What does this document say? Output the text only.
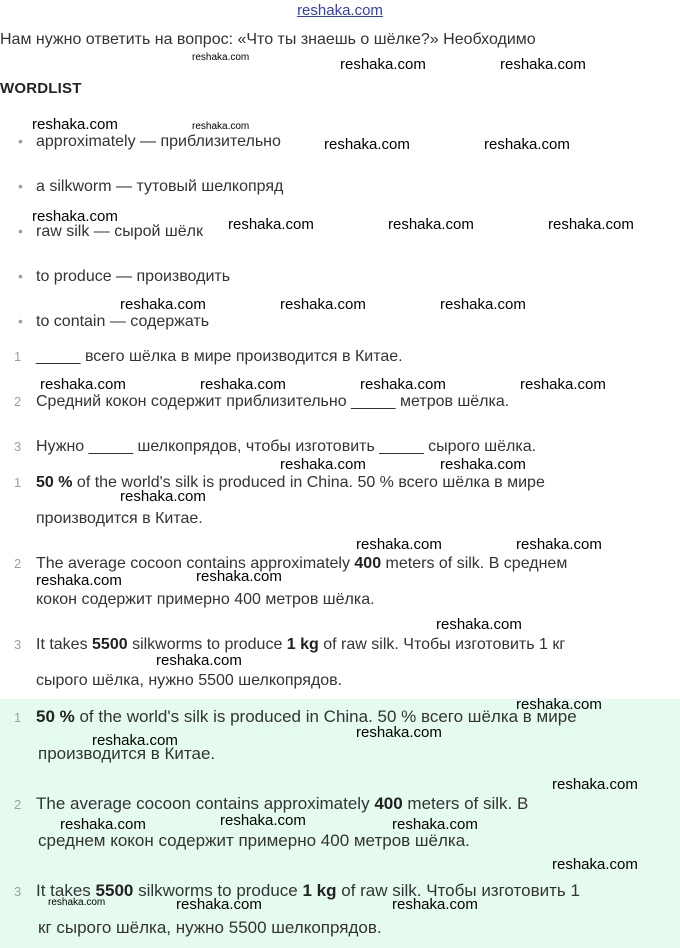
reshaka.com
Нам нужно ответить на вопрос: «Что ты знаешь о шёлке?» Необходимо
WORDLIST
• approximately — приблизительно
• a silkworm — тутовый шелкопряд
• raw silk — сырой шёлк
• to produce — производить
• to contain — содержать
1 _____ всего шёлка в мире производится в Китае.
2 Средний кокон содержит приблизительно _____ метров шёлка.
3 Нужно _____ шелкопрядов, чтобы изготовить _____ сырого шёлка.
1 50 % of the world's silk is produced in China. 50 % всего шёлка в мире
производится в Китае.
2 The average cocoon contains approximately 400 meters of silk. В среднем
кокон содержит примерно 400 метров шёлка.
3 It takes 5500 silkworms to produce 1 kg of raw silk. Чтобы изготовить 1 кг
сырого шёлка, нужно 5500 шелкопрядов.
1 50 % of the world's silk is produced in China. 50 % всего шёлка в мире
производится в Китае.
2 The average cocoon contains approximately 400 meters of silk. В
среднем кокон содержит примерно 400 метров шёлка.
3 It takes 5500 silkworms to produce 1 kg of raw silk. Чтобы изготовить 1
кг сырого шёлка, нужно 5500 шелкопрядов.
reshaka.com	reshaka.com	reshaka.com
reshaka.com	reshaka.com
reshaka.com	reshaka.com
reshaka.com	reshaka.com	reshaka.com	reshaka.com
reshaka.com	reshaka.com	reshaka.com
reshaka.com	reshaka.com	reshaka.com	reshaka.com
reshaka.com	reshaka.com
reshaka.com
reshaka.com	reshaka.com
reshaka.com
reshaka.com
reshaka.com
reshaka.com
reshaka.com
reshaka.com
reshaka.com
reshaka.com
reshaka.com
reshaka.com	reshaka.com
reshaka.com
reshaka.com	reshaka.com	reshaka.com
